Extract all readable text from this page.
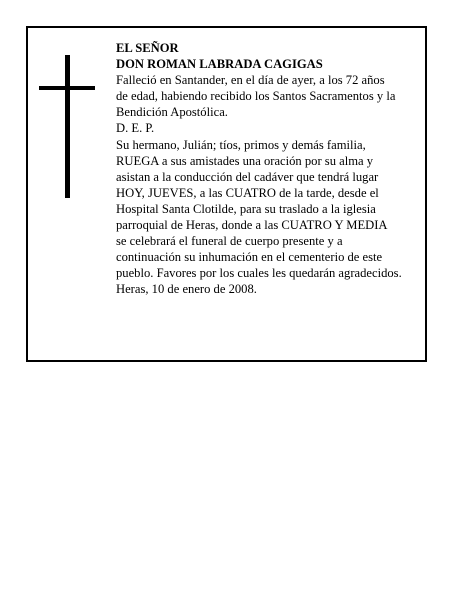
EL SEÑOR

DON ROMAN LABRADA CAGIGAS

Falleció en Santander, en el día de ayer, a los 72 años
de edad, habiendo recibido los Santos Sacramentos y la
Bendición Apostólica.

D. E. P.

Su hermano, Julián; tíos, primos y demás familia,
RUEGA a sus amistades una oración por su alma y
asistan a la conducción del cadáver que tendrá lugar
HOY, JUEVES, a las CUATRO de la tarde, desde el
Hospital Santa Clotilde, para su traslado a la iglesia
parroquial de Heras, donde a las CUATRO Y MEDIA
se celebrará el funeral de cuerpo presente y a
continuación su inhumación en el cementerio de este
pueblo. Favores por los cuales les quedarán agradecidos.

Heras, 10 de enero de 2008.
